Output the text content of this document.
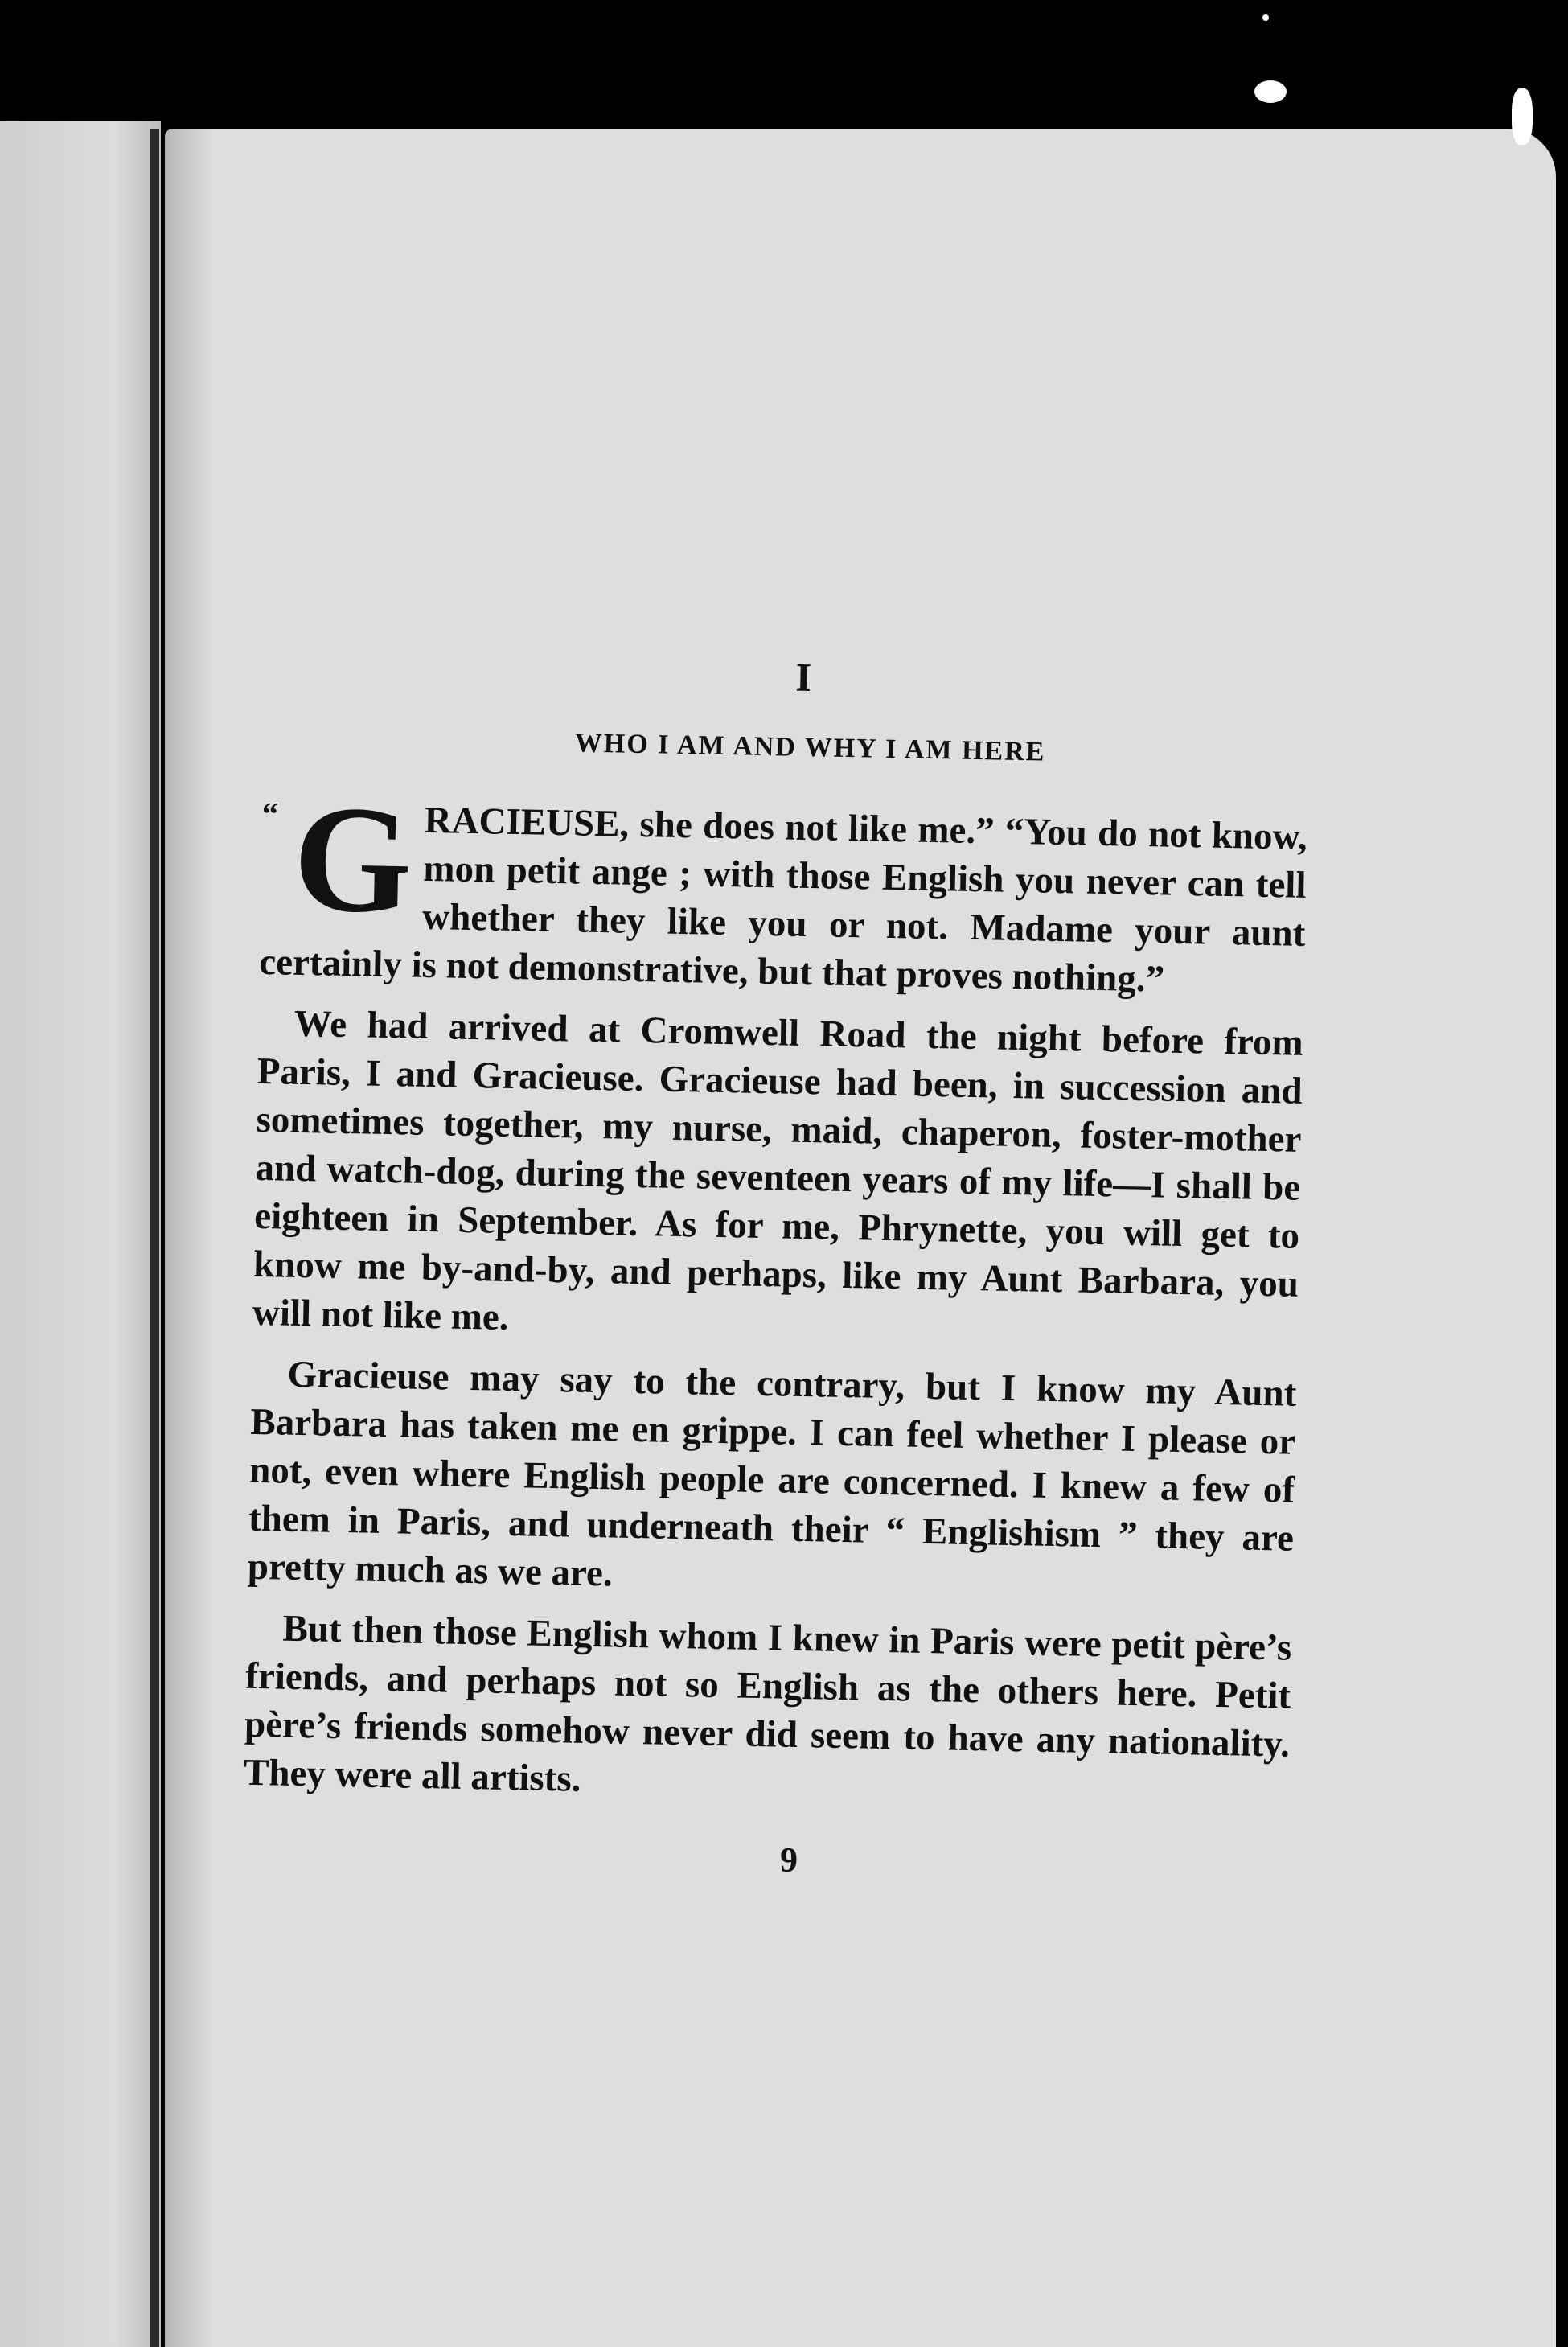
I
WHO I AM AND WHY I AM HERE

“ G RACIEUSE, she does not like me.” “You do not know, mon petit ange ; with those English you never can tell whether they like you or not. Madame your aunt certainly is not demonstrative, but that proves nothing.”

We had arrived at Cromwell Road the night before from Paris, I and Gracieuse. Gracieuse had been, in succession and sometimes together, my nurse, maid, chaperon, foster-mother and watch-dog, during the seventeen years of my life—I shall be eighteen in September. As for me, Phrynette, you will get to know me by-and-by, and perhaps, like my Aunt Barbara, you will not like me.

Gracieuse may say to the contrary, but I know my Aunt Barbara has taken me en grippe. I can feel whether I please or not, even where English people are concerned. I knew a few of them in Paris, and underneath their “ Englishism ” they are pretty much as we are.

But then those English whom I knew in Paris were petit père’s friends, and perhaps not so English as the others here. Petit père’s friends somehow never did seem to have any nationality. They were all artists.

9
